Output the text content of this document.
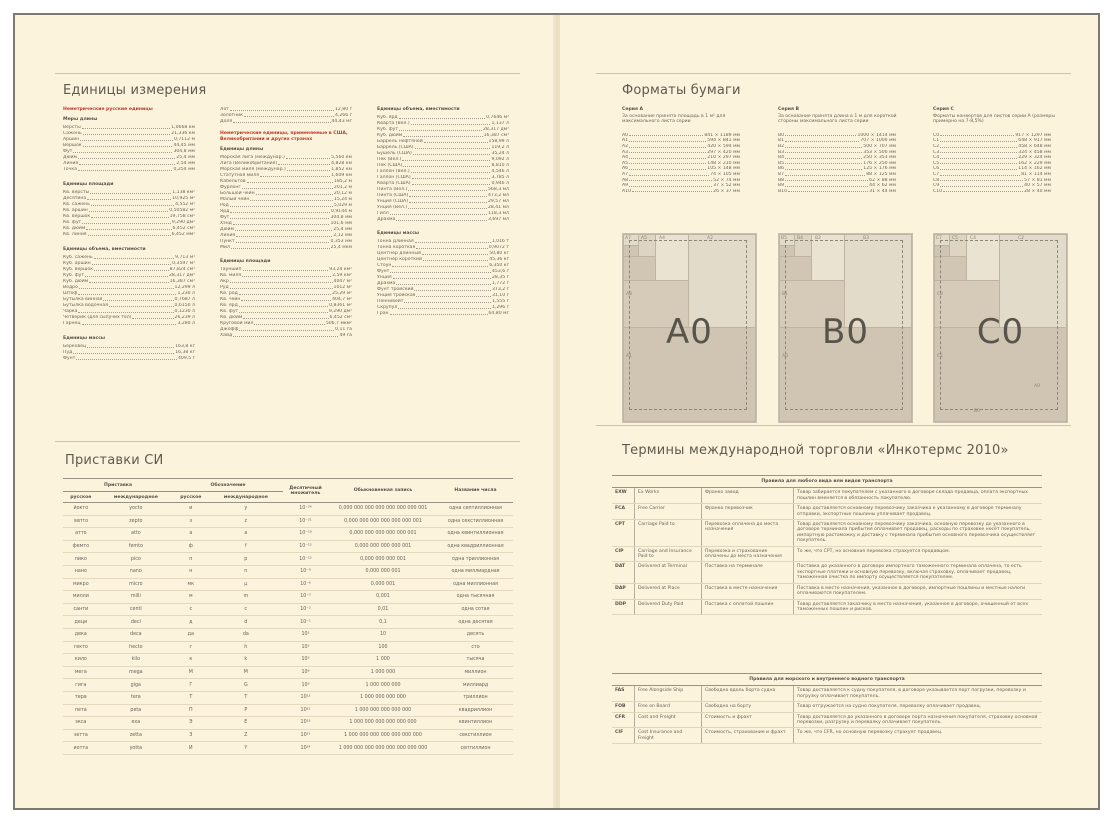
Единицы измерения
Неметрические русские единицы
Меры длины
Версты	1,0668 км
Сажень	21,336 км
Аршин	0,7112 м
Вершок	44,45 мм
Фут	304,8 мм
Дюйм	25,4 мм
Линия	2,54 мм
Точка	0,254 мм
Единицы площади
Кв. версты	1,138 км²
Десятина	10,925 м²
Кв. сажень	4,552 м²
Кв. аршин	0,50582 м²
Кв. вершок	19,758 см²
Кв. фут	9,290 дм²
Кв. дюйм	6,452 см²
Кв. линия	6,452 мм²
Единицы объема, вместимости
Куб. сажень	9,713 м³
Куб. аршин	0,3597 м³
Куб. вершок	87,824 см³
Куб. фут	28,317 дм³
Куб. дюйм	16,387 см³
Ведро	12,299 л
Штоф	1,230 л
Бутылка винная	0,7687 л
Бутылка водочная	0,6150 л
Чарка	0,1230 л
Четверик (для сыпучих тел)	26,239 л
Гарнец	3,280 л
Единицы массы
Берковец	163,8 кг
Пуд	16,38 кг
Фунт	409,5 г
Лот	12,80 г
Золотник	4,266 г
Доля	44,43 мг
Неметрические единицы, применяемые в США, Великобритании и других странах
Единицы длины
Морская лига (междунар.)	5,560 км
Лига (Великобритания)	4,828 км
Морская миля (междунар.)	1,852 км
Статутная миля	1,609 км
Кабельтов	185,2 м
Фурлонг	201,2 м
Большой чейн	20,12 м
Малый чейн	15,24 м
Род	5,029 м
Ярд	0,9144 м
Фут	304,8 мм
Хэнд	101,6 мм
Дюйм	25,4 мм
Линия	2,12 мм
Пункт	0,353 мм
Мил	25,4 мкм
Единицы площади
Тауншип	93,24 км²
Кв. миля	2,59 км²
Акр	4047 м²
Руд	1012 м²
Кв. род	25,29 м²
Кв. чейн	404,7 м²
Кв. ярд	0,8361 м²
Кв. фут	9,290 дм²
Кв. дюйм	6,452 см²
Круговой мил	506,7 мкм²
Джофф	0,11 га
Хайд	49 га
Единицы объема, вместимости
Куб. ярд	0,7646 м³
Кварта (Вел.)	1,137 л
Куб. фут	28,317 дм³
Куб. дюйм	16,387 см³
Баррель нефтяной	158,99 л
Баррель (США)	119,2 л
Бушель (США)	35,24 л
Пек (Вел.)	9,092 л
Пек (США)	8,810 л
Галлон (Вел.)	4,546 л
Галлон (США)	3,785 л
Кварта (США)	0,946 л
Пинта (Вел.)	568,3 мл
Пинта (США)	473,2 мл
Унция (США)	29,57 мл
Унция (Вел.)	28,41 мл
Гилл	118,3 мл
Драхма	3,697 мл
Единицы массы
Тонна длинная	1,016 т
Тонна короткая	0,9072 т
Центнер длинный	50,80 кг
Центнер короткий	45,36 кг
Стоун	6,350 кг
Фунт	453,6 г
Унция	28,35 г
Драхма	1,772 г
Фунт тройский	373,2 г
Унция тройская	31,10 г
Пеннивейт	1,555 г
Скрупул	1,296 г
Гран	64,80 мг
Приставки СИ
Приставка		Обозначение		Десятичный множитель	Обыкновенная запись	Название числа
русское	международное	русское	международное			
йокто	yocto	и	y	10⁻²⁴	0,000 000 000 000 000 000 000 001	одна септиллионная
зепто	zepto	з	z	10⁻²¹	0,000 000 000 000 000 000 001	одна секстиллионная
атто	atto	а	a	10⁻¹⁸	0,000 000 000 000 000 001	одна квинтиллионная
фемто	femto	ф	f	10⁻¹⁵	0,000 000 000 000 001	одна квадриллионная
пико	pico	п	p	10⁻¹²	0,000 000 000 001	одна триллионная
нано	nano	н	n	10⁻⁹	0,000 000 001	одна миллиардная
микро	micro	мк	µ	10⁻⁶	0,000 001	одна миллионная
милли	milli	м	m	10⁻³	0,001	одна тысячная
санти	centi	с	c	10⁻²	0,01	одна сотая
деци	deci	д	d	10⁻¹	0,1	одна десятая
дека	deca	да	da	10¹	10	десять
гекто	hecto	г	h	10²	100	сто
кило	kilo	к	k	10³	1 000	тысяча
мега	mega	М	M	10⁶	1 000 000	миллион
гига	giga	Г	G	10⁹	1 000 000 000	миллиард
тера	tera	Т	T	10¹²	1 000 000 000 000	триллион
пета	peta	П	P	10¹⁵	1 000 000 000 000 000	квадриллион
экса	exa	Э	E	10¹⁸	1 000 000 000 000 000 000	квинтиллион
зетта	zetta	З	Z	10²¹	1 000 000 000 000 000 000 000	секстиллион
иотта	yotta	И	Y	10²⁴	1 000 000 000 000 000 000 000 000	септиллион
Форматы бумаги
Серия A
За основание принята площадь в 1 м² для максимального листа серии
A0	841 × 1189 мм
A1	594 × 841 мм
A2	420 × 594 мм
A3	297 × 420 мм
A4	210 × 297 мм
A5	148 × 210 мм
A6	105 × 148 мм
A7	74 × 105 мм
A8	52 × 74 мм
A9	37 × 52 мм
A10	26 × 37 мм
A7 A5	A4	A2
A3
A1
A0
Серия B
За основание принята длина в 1 м для короткой стороны максимального листа серии
B0	1000 × 1414 мм
B1	707 × 1000 мм
B2	500 × 707 мм
B3	353 × 500 мм
B4	250 × 353 мм
B5	176 × 250 мм
B6	125 × 176 мм
B7	88 × 125 мм
B8	62 × 88 мм
B9	44 × 62 мм
B10	31 × 44 мм
B5 B4	B2	B3
B1
A0
B0
Серия C
Форматы конвертов для листов серии A (размеры примерно на 7-8,5%)
C0	917 × 1297 мм
C1	648 × 917 мм
C2	458 × 648 мм
C3	324 × 458 мм
C4	229 × 324 мм
C5	162 × 229 мм
C6	114 × 162 мм
C7	81 × 114 мм
C8	57 × 81 мм
C9	40 × 57 мм
C10	28 × 40 мм
C7 C5	C4	C2
C3
C1
A0
B0
C0
Термины международной торговли «Инкотермс 2010»
Правила для любого вида или видов транспорта			
EXW	Ex Works	Франко завод	Товар забирается покупателем с указанного в договоре склада продавца, оплата экспортных пошлин вменяется в обязанность покупателю.
FCA	Free Carrier	Франко перевозчик	Товар доставляется основному перевозчику заказчика к указанному в договоре терминалу отправки, экспортные пошлины уплачивает продавец.
CPT	Carriage Paid to	Перевозка оплачена до места назначения	Товар доставляется основному перевозчику заказчика, основную перевозку до указанного в договоре терминала прибытия оплачивает продавец, расходы по страховке несёт покупатель, импортную растаможку и доставку с терминала прибытия основного перевозчика осуществляет покупатель.
CIP	Carriage and Insurance Paid to	Перевозка и страхование оплачены до места назначения	То же, что CPT, но основная перевозка страхуется продавцом.
DAT	Delivered at Terminal	Поставка на терминале	Поставка до указанного в договоре импортного таможенного терминала оплачена, то есть экспортные платежи и основную перевозку, включая страховку, оплачивает продавец, таможенная очистка по импорту осуществляется покупателем.
DAP	Delivered at Place	Поставка в месте назначения	Поставка в место назначения, указанное в договоре, импортные пошлины и местные налоги оплачиваются покупателем.
DDP	Delivered Duty Paid	Поставка с оплатой пошлин	Товар доставляется заказчику в место назначения, указанное в договоре, очищенный от всех таможенных пошлин и рисков.
Правила для морского и внутреннего водного транспорта			
FAS	Free Alongside Ship	Свободно вдоль борта судна	Товар доставляется к судну покупателя, в договоре указывается порт погрузки, перевозку и погрузку оплачивает покупатель.
FOB	Free on Board	Свободно на борту	Товар отгружается на судно покупателя, перевалку оплачивает продавец.
CFR	Cost and Freight	Стоимость и фрахт	Товар доставляется до указанного в договоре порта назначения покупателя, страховку основной перевозки, разгрузку и перевалку оплачивает покупатель.
CIF	Cost Insurance and Freight	Стоимость, страхование и фрахт	То же, что CFR, но основную перевозку страхует продавец.
